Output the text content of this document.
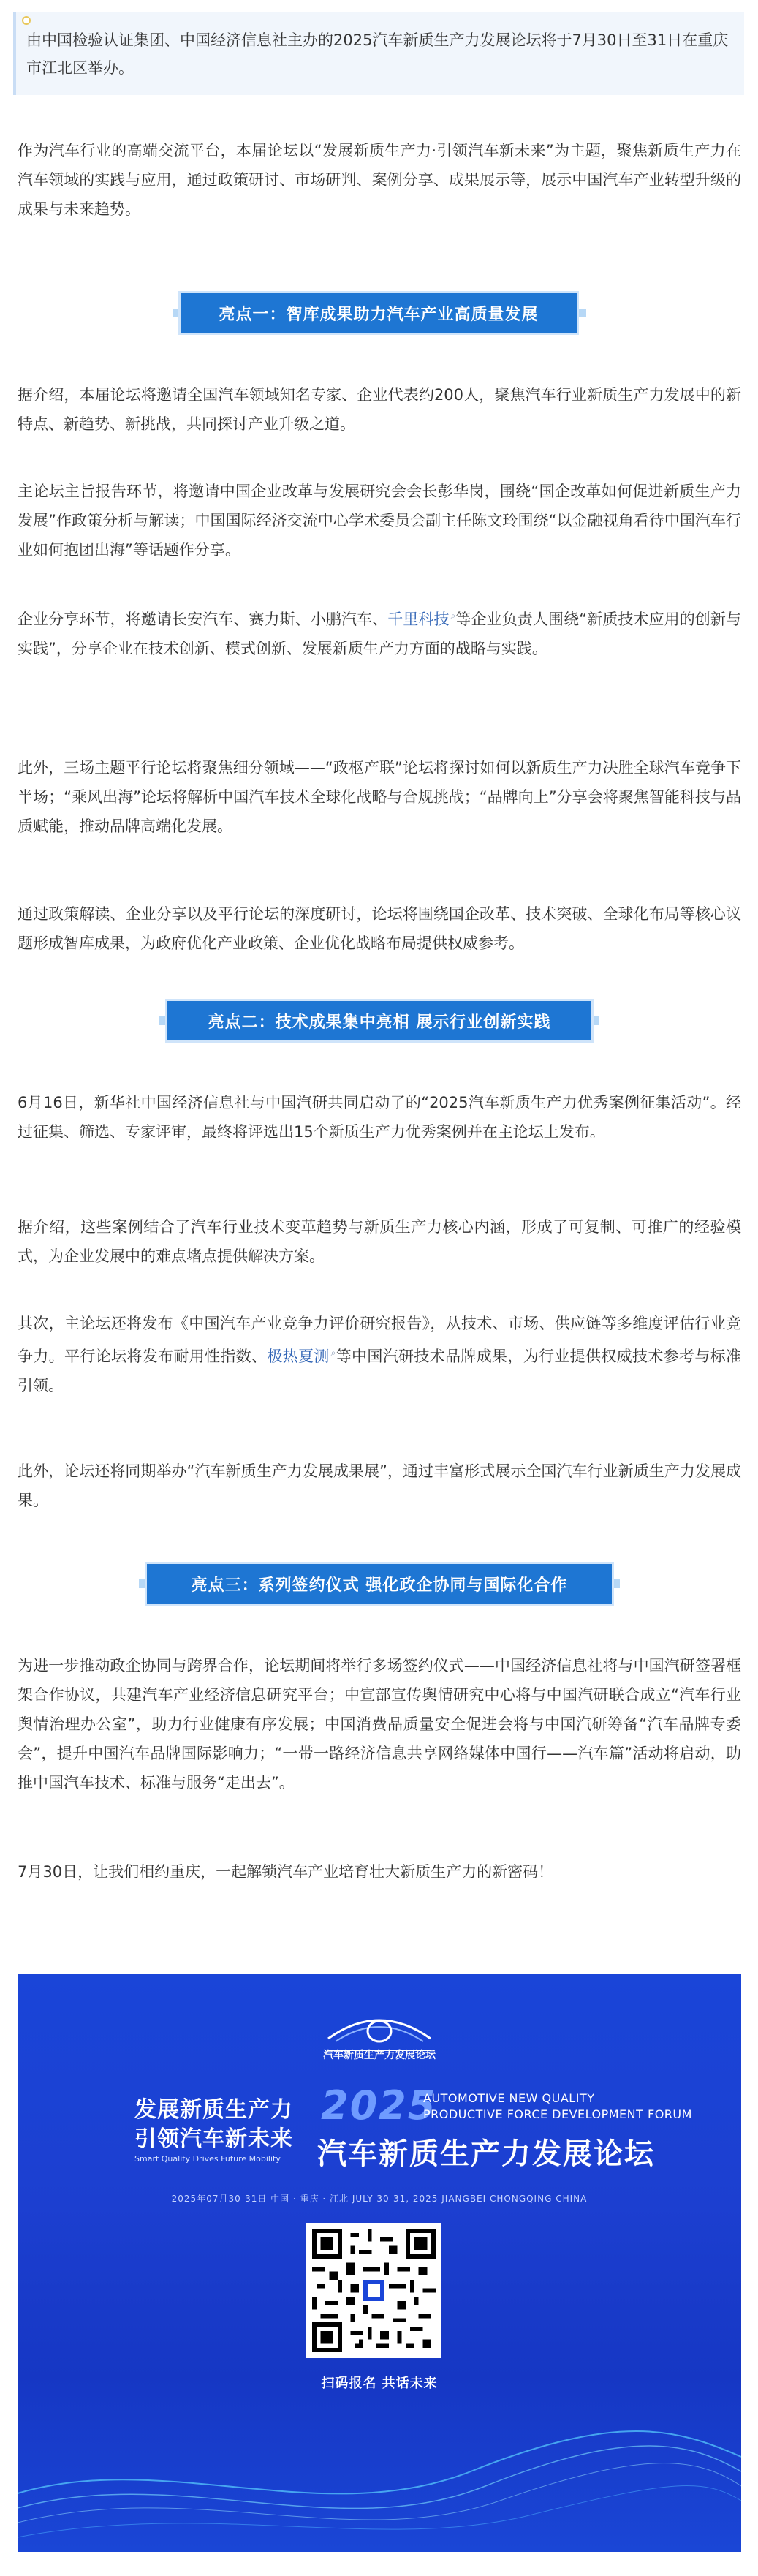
由中国检验认证集团、中国经济信息社主办的2025汽车新质生产力发展论坛将于7月30日至31日在重庆市江北区举办。

作为汽车行业的高端交流平台，本届论坛以“发展新质生产力·引领汽车新未来”为主题，聚焦新质生产力在汽车领域的实践与应用，通过政策研讨、市场研判、案例分享、成果展示等，展示中国汽车产业转型升级的成果与未来趋势。

亮点一：智库成果助力汽车产业高质量发展

据介绍，本届论坛将邀请全国汽车领域知名专家、企业代表约200人，聚焦汽车行业新质生产力发展中的新特点、新趋势、新挑战，共同探讨产业升级之道。

主论坛主旨报告环节，将邀请中国企业改革与发展研究会会长彭华岗，围绕“国企改革如何促进新质生产力发展”作政策分析与解读；中国国际经济交流中心学术委员会副主任陈文玲围绕“以金融视角看待中国汽车行业如何抱团出海”等话题作分享。

企业分享环节，将邀请长安汽车、赛力斯、小鹏汽车、千里科技 ⌕等企业负责人围绕“新质技术应用的创新与实践”，分享企业在技术创新、模式创新、发展新质生产力方面的战略与实践。

此外，三场主题平行论坛将聚焦细分领域——“政枢产联”论坛将探讨如何以新质生产力决胜全球汽车竞争下半场；“乘风出海”论坛将解析中国汽车技术全球化战略与合规挑战；“品牌向上”分享会将聚焦智能科技与品质赋能，推动品牌高端化发展。

通过政策解读、企业分享以及平行论坛的深度研讨，论坛将围绕国企改革、技术突破、全球化布局等核心议题形成智库成果，为政府优化产业政策、企业优化战略布局提供权威参考。

亮点二：技术成果集中亮相 展示行业创新实践

6月16日，新华社中国经济信息社与中国汽研共同启动了的“2025汽车新质生产力优秀案例征集活动”。经过征集、筛选、专家评审，最终将评选出15个新质生产力优秀案例并在主论坛上发布。

据介绍，这些案例结合了汽车行业技术变革趋势与新质生产力核心内涵，形成了可复制、可推广的经验模式，为企业发展中的难点堵点提供解决方案。

其次，主论坛还将发布《中国汽车产业竞争力评价研究报告》，从技术、市场、供应链等多维度评估行业竞争力。平行论坛将发布耐用性指数、极热夏测 ⌕等中国汽研技术品牌成果，为行业提供权威技术参考与标准引领。

此外，论坛还将同期举办“汽车新质生产力发展成果展”，通过丰富形式展示全国汽车行业新质生产力发展成果。

亮点三：系列签约仪式 强化政企协同与国际化合作

为进一步推动政企协同与跨界合作，论坛期间将举行多场签约仪式——中国经济信息社将与中国汽研签署框架合作协议，共建汽车产业经济信息研究平台；中宣部宣传舆情研究中心将与中国汽研联合成立“汽车行业舆情治理办公室”，助力行业健康有序发展；中国消费品质量安全促进会将与中国汽研筹备“汽车品牌专委会”，提升中国汽车品牌国际影响力；“一带一路经济信息共享网络媒体中国行——汽车篇”活动将启动，助推中国汽车技术、标准与服务“走出去”。

7月30日，让我们相约重庆，一起解锁汽车产业培育壮大新质生产力的新密码！

汽车新质生产力发展论坛
发展新质生产力
引领汽车新未来
Smart Quality Drives Future Mobility
2025
AUTOMOTIVE NEW QUALITY
PRODUCTIVE FORCE DEVELOPMENT FORUM
汽车新质生产力发展论坛
2025年07月30-31日 中国 · 重庆 · 江北 JULY 30-31, 2025 JIANGBEI CHONGQING CHINA
扫码报名 共话未来
